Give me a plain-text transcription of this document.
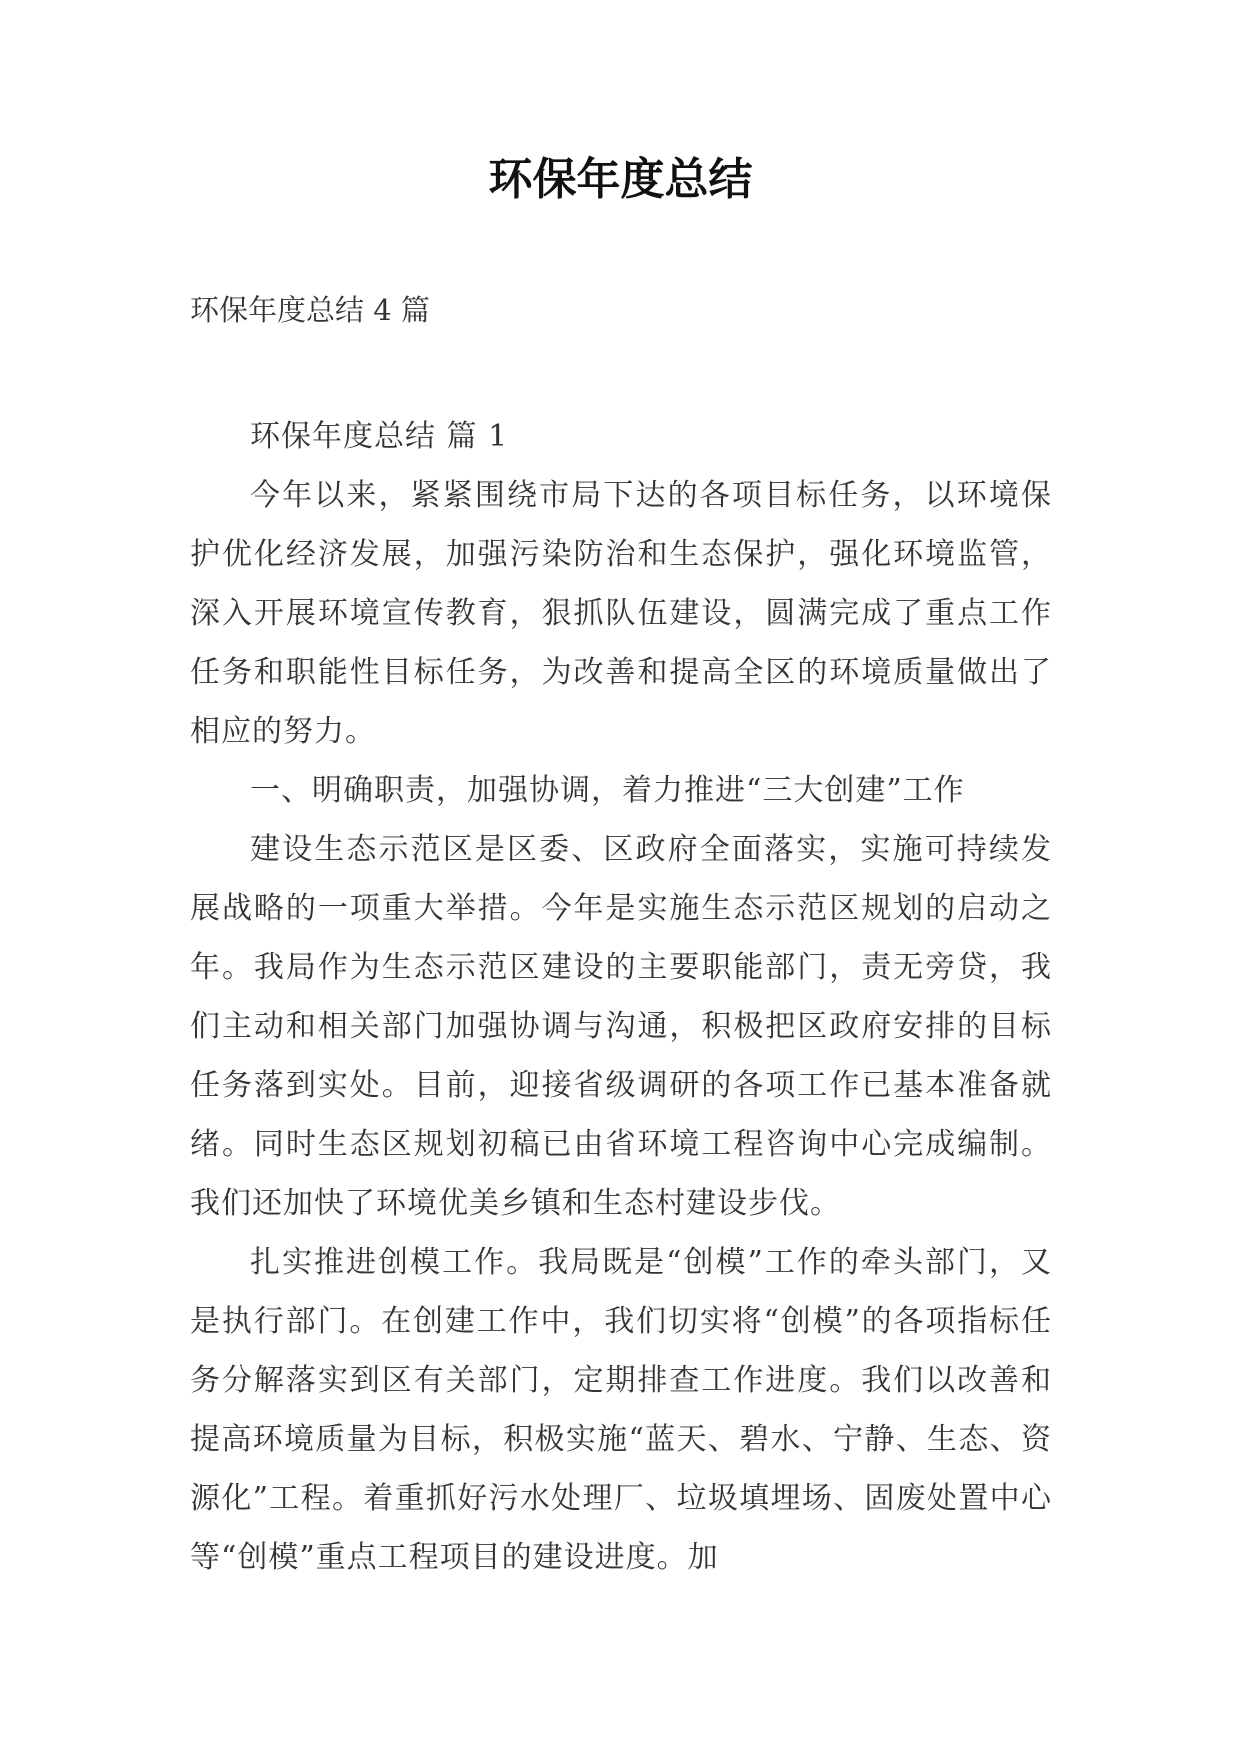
环保年度总结
环保年度总结 4 篇

环保年度总结 篇 1

今年以来，紧紧围绕市局下达的各项目标任务，以环境保护优化经济发展，加强污染防治和生态保护，强化环境监管，深入开展环境宣传教育，狠抓队伍建设，圆满完成了重点工作任务和职能性目标任务，为改善和提高全区的环境质量做出了相应的努力。

一、明确职责，加强协调，着力推进“三大创建”工作

建设生态示范区是区委、区政府全面落实，实施可持续发展战略的一项重大举措。今年是实施生态示范区规划的启动之年。我局作为生态示范区建设的主要职能部门，责无旁贷，我们主动和相关部门加强协调与沟通，积极把区政府安排的目标任务落到实处。目前，迎接省级调研的各项工作已基本准备就绪。同时生态区规划初稿已由省环境工程咨询中心完成编制。我们还加快了环境优美乡镇和生态村建设步伐。

扎实推进创模工作。我局既是“创模”工作的牵头部门，又是执行部门。在创建工作中，我们切实将“创模”的各项指标任务分解落实到区有关部门，定期排查工作进度。我们以改善和提高环境质量为目标，积极实施“蓝天、碧水、宁静、生态、资源化”工程。着重抓好污水处理厂、垃圾填埋场、固废处置中心等“创模”重点工程项目的建设进度。加
